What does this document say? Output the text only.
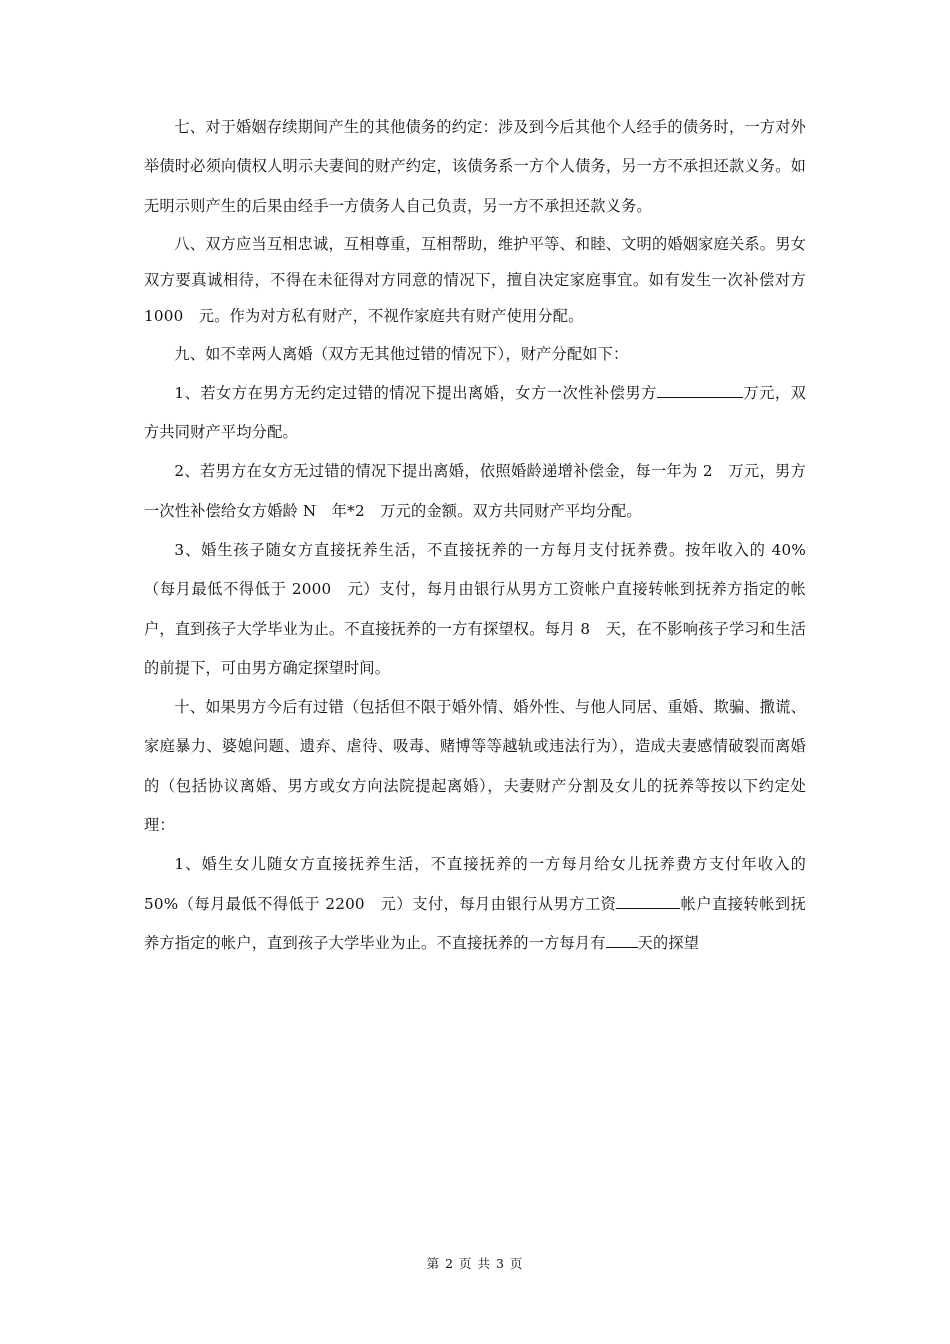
七、对于婚姻存续期间产生的其他债务的约定：涉及到今后其他个人经手的债务时，一方对外举债时必须向债权人明示夫妻间的财产约定，该债务系一方个人债务，另一方不承担还款义务。如无明示则产生的后果由经手一方债务人自己负责，另一方不承担还款义务。

八、双方应当互相忠诚，互相尊重，互相帮助，维护平等、和睦、文明的婚姻家庭关系。男女双方要真诚相待，不得在未征得对方同意的情况下，擅自决定家庭事宜。如有发生一次补偿对方 1000　元。作为对方私有财产，不视作家庭共有财产使用分配。

九、如不幸两人离婚（双方无其他过错的情况下），财产分配如下：

1、若女方在男方无约定过错的情况下提出离婚，女方一次性补偿男方	万元，双方共同财产平均分配。

2、若男方在女方无过错的情况下提出离婚，依照婚龄递增补偿金，每一年为 2　万元，男方一次性补偿给女方婚龄 N　年*2　万元的金额。双方共同财产平均分配。

3、婚生孩子随女方直接抚养生活，不直接抚养的一方每月支付抚养费。按年收入的 40%（每月最低不得低于 2000　元）支付，每月由银行从男方工资帐户直接转帐到抚养方指定的帐户，直到孩子大学毕业为止。不直接抚养的一方有探望权。每月 8　天，在不影响孩子学习和生活的前提下，可由男方确定探望时间。

十、如果男方今后有过错（包括但不限于婚外情、婚外性、与他人同居、重婚、欺骗、撒谎、家庭暴力、婆媳问题、遗弃、虐待、吸毒、赌博等等越轨或违法行为），造成夫妻感情破裂而离婚的（包括协议离婚、男方或女方向法院提起离婚），夫妻财产分割及女儿的抚养等按以下约定处理：

1、婚生女儿随女方直接抚养生活，不直接抚养的一方每月给女儿抚养费方支付年收入的 50%（每月最低不得低于 2200　元）支付，每月由银行从男方工资	帐户直接转帐到抚养方指定的帐户，直到孩子大学毕业为止。不直接抚养的一方每月有 天的探望

第 2 页 共 3 页
